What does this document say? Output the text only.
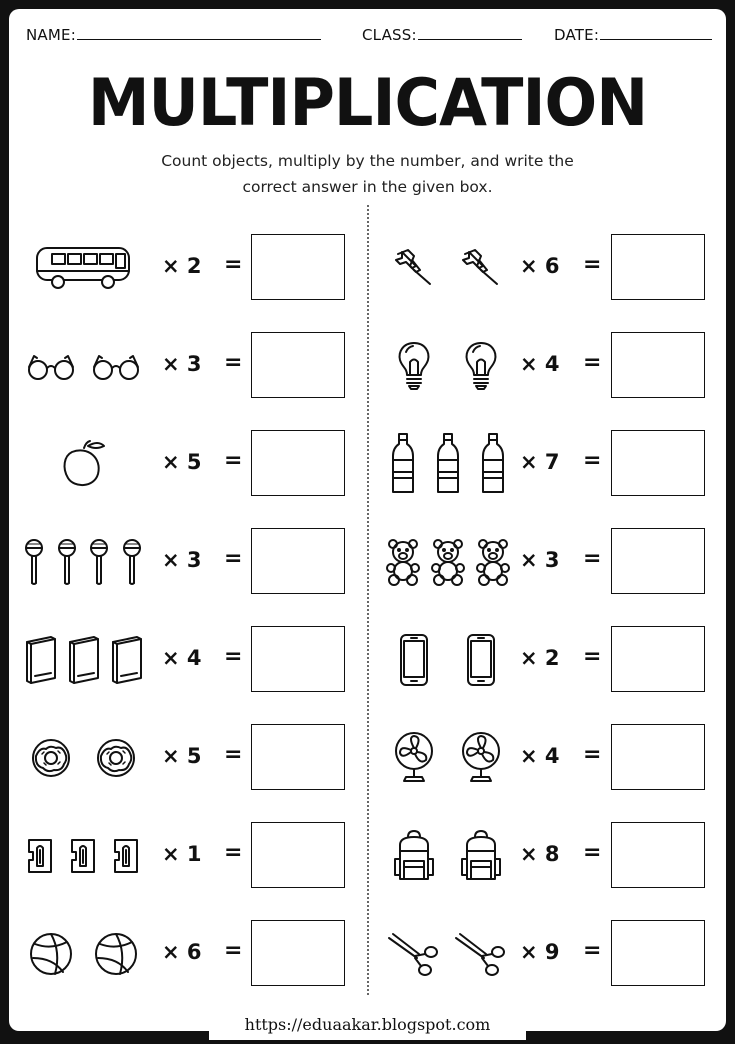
NAME:	CLASS:	DATE:
MULTIPLICATION
Count objects, multiply by the number, and write the
correct answer in the given box.
× 2 =
× 3 =
× 5 =
× 3 =
× 4 =
× 5 =
× 1 =
× 6 =
× 6 =
× 4 =
× 7 =
× 3 =
× 2 =
× 4 =
× 8 =
× 9 =
https://eduaakar.blogspot.com
